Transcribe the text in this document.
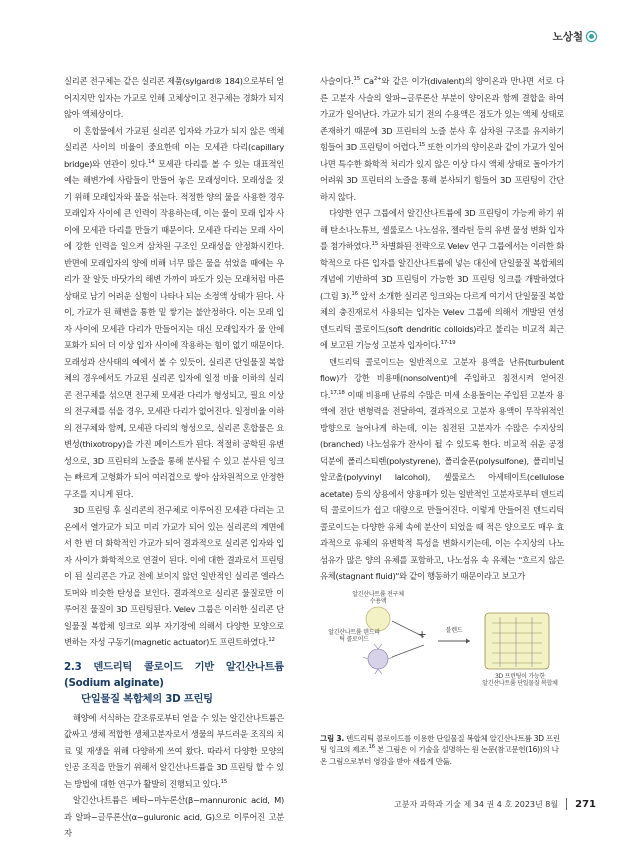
노상철

실리콘 전구체는 같은 실리콘 제품(sylgard® 184)으로부터 얻어지지만 입자는 가교로 인해 고체상이고 전구체는 경화가 되지 않아 액체상이다.

이 혼합물에서 가교된 실리콘 입자와 가교가 되지 않은 액체 실리콘 사이의 비율이 중요한데 이는 모세관 다리(capillary bridge)와 연관이 있다.$^{14}$ 모세관 다리를 볼 수 있는 대표적인 예는 해변가에 사람들이 만들어 놓은 모래성이다. 모래성을 짓기 위해 모래입자와 물을 섞는다. 적정한 양의 물을 사용한 경우 모래입자 사이에 큰 인력이 작용하는데, 이는 물이 모래 입자 사이에 모세관 다리를 만들기 때문이다. 모세관 다리는 모래 사이에 강한 인력을 일으켜 삼차원 구조인 모래성을 안정화시킨다. 반면에 모래입자의 양에 비해 너무 많은 물을 섞었을 때에는 우리가 잘 알듯 바닷가의 해변 가까이 파도가 있는 모래처럼 마른 상태로 남기 어려운 실험이 나타나 되는 소정액 상태가 된다. 사이, 가교가 된 해변을 통한 밑 쌓기는 불안정하다. 이는 모래 입자 사이에 모세관 다리가 만들어지는 대신 모래입자가 물 안에 포화가 되어 더 이상 입자 사이에 작용하는 힘이 없기 때문이다. 모래성과 산사태의 예에서 볼 수 있듯이, 실리콘 단일물질 복합체의 경우에서도 가교된 실리콘 입자에 일정 비율 이하의 실리콘 전구체를 섞으면 전구체 모세관 다리가 형성되고, 필요 이상의 전구체를 섞을 경우, 모세관 다리가 없어진다. 일정비율 이하의 전구체와 함께, 모세관 다리의 형성으로, 실리콘 혼합물은 요변성(thixotropy)을 가진 페이스트가 된다. 적절히 공학된 유변성으로, 3D 프린터의 노즐을 통해 분사될 수 있고 분사된 잉크는 빠르게 고형화가 되어 여러겹으로 쌓아 삼차원적으로 안정한 구조를 지니게 된다.

3D 프린팅 후 실리콘의 전구체로 이루어진 모세관 다리는 고온에서 열가교가 되고 미리 가교가 되어 있는 실리콘의 계면에서 한 번 더 화학적인 가교가 되어 결과적으로 실리콘 입자와 입자 사이가 화학적으로 연결이 된다. 이에 대한 결과로서 프린팅이 된 실리콘은 가교 전에 보이지 않던 일반적인 실리콘 엘라스토머와 비슷한 탄성을 보인다. 결과적으로 실리콘 물질로만 이루어진 물질이 3D 프린팅된다. Velev 그룹은 이러한 실리콘 단일물질 복합체 잉크로 외부 자기장에 의해서 다양한 모양으로 변하는 자성 구동기(magnetic actuator)도 프린트하였다.$^{12}$

2.3 덴드리틱 콜로이드 기반 알긴산나트륨(Sodium alginate)
단일물질 복합체의 3D 프린팅

해양에 서식하는 갈조류로부터 얻을 수 있는 알긴산나트륨은 값싸고 생체 적합한 생체고분자로서 생물의 부드러운 조직의 치료 및 재생을 위해 다양하게 쓰여 왔다. 따라서 다양한 모양의 인공 조직을 만들기 위해서 알긴산나트륨을 3D 프린팅 할 수 있는 방법에 대한 연구가 활발히 진행되고 있다.$^{15}$

알긴산나트륨은 베타−마누론산(β−mannuronic acid, M)과 알파−글루론산(α−guluronic acid, G)으로 이루어진 고분자

사슬이다.$^{15}$ $Ca^{2+}$와 같은 이가(divalent)의 양이온과 만나면 서로 다른 고분자 사슬의 알파−글루론산 부분이 양이온과 함께 결합을 하여 가교가 일어난다. 가교가 되기 전의 수용액은 점도가 있는 액체 상태로 존재하기 때문에 3D 프린터의 노즐 분사 후 삼차원 구조를 유지하기 힘들어 3D 프린팅이 어렵다.$^{15}$ 또한 이가의 양이온과 같이 가교가 일어나면 특수한 화학적 처리가 있지 않은 이상 다시 액체 상태로 돌아가기 어려워 3D 프린터의 노즐을 통해 분사되기 힘들어 3D 프린팅이 간단하지 않다.

다양한 연구 그룹에서 알긴산나트륨에 3D 프린팅이 가능케 하기 위해 탄소나노튜브, 셀룰로스 나노섬유, 젤라틴 등의 유변 물성 변화 입자를 첨가하였다.$^{15}$ 차별화된 전략으로 Velev 연구 그룹에서는 이러한 화학적으로 다른 입자를 알긴산나트륨에 넣는 대신에 단일물질 복합체의 개념에 기반하여 3D 프린팅이 가능한 3D 프린팅 잉크를 개발하였다(그림 3).$^{16}$ 앞서 소개한 실리콘 잉크와는 다르게 여기서 단일물질 복합체의 충진재로서 사용되는 입자는 Velev 그룹에 의해서 개발된 연성 덴드리틱 콜로이드(soft dendritic colloids)라고 불리는 비교적 최근에 보고된 기능성 고분자 입자이다.$^{17-19}$

덴드리틱 콜로이드는 일반적으로 고분자 용액을 난류(turbulent flow)가 강한 비용매(nonsolvent)에 주입하고 침전시켜 얻어진다.$^{17,18}$ 이때 비용매 난류의 수많은 미세 소용돌이는 주입된 고분자 용액에 전단 변형력을 전달하여, 결과적으로 고분자 용액이 무작위적인 방향으로 늘어나게 하는데, 이는 침전된 고분자가 수많은 수지상의(branched) 나노섬유가 잔사이 될 수 있도록 한다. 비교적 쉬운 공정 덕분에 폴리스티렌(polystyrene), 폴리술폰(polysulfone), 폴리비닐 알코올(polyvinyl lalcohol), 셀룰로스 아세테이트(cellulose acetate) 등의 상용에서 양용매가 있는 일반적인 고분자로부터 덴드리틱 콜로이드가 쉽고 대량으로 만들어진다. 이렇게 만들어진 덴드리틱 콜로이드는 다양한 유체 속에 분산이 되었을 때 적은 양으로도 매우 효과적으로 유체의 유변학적 특성을 변화시키는데, 이는 수지상의 나노섬유가 많은 양의 유체를 포함하고, 나노섬유 속 유체는 "흐르지 않은 유체(stagnant fluid)"와 같이 행동하기 때문이라고 보고가

알긴산나트륨 전구체 수용액
알긴산나트륨 덴드리틱 콜로이드	+	블렌드
3D 프린팅이 가능한
알긴산나트륨 단일물질 복합체
그림 3. 덴드리틱 콜로이드를 이용한 단일물질 복합체 알긴산나트륨 3D 프린팅 잉크의 제조.$^{16}$ 본 그림은 이 기술을 설명하는 원 논문(참고문헌(16))의 나온 그림으로부터 영감을 받아 새롭게 만듦.
고분자 과학과 기술 제 34 권 4 호 2023년 8월 271
